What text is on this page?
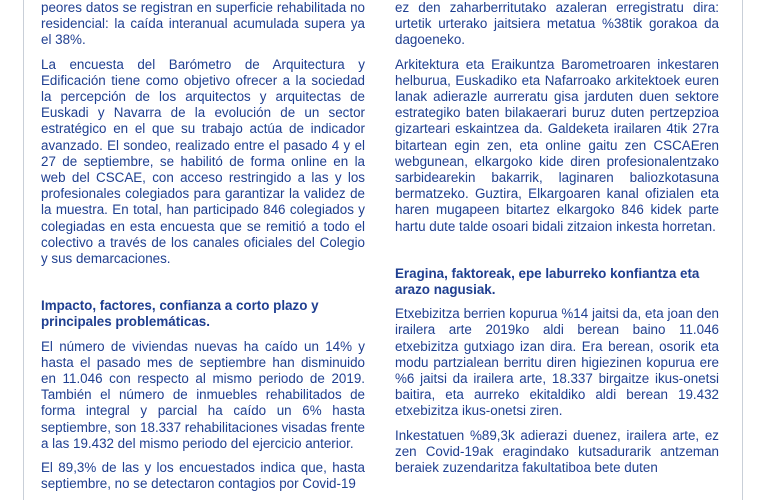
peores datos se registran en superficie rehabilitada no residencial: la caída interanual acumulada supera ya el 38%.

La encuesta del Barómetro de Arquitectura y Edificación tiene como objetivo ofrecer a la sociedad la percepción de los arquitectos y arquitectas de Euskadi y Navarra de la evolución de un sector estratégico en el que su trabajo actúa de indicador avanzado. El sondeo, realizado entre el pasado 4 y el 27 de septiembre, se habilitó de forma online en la web del CSCAE, con acceso restringido a las y los profesionales colegiados para garantizar la validez de la muestra. En total, han participado 846 colegiados y colegiadas en esta encuesta que se remitió a todo el colectivo a través de los canales oficiales del Colegio y sus demarcaciones.

Impacto, factores, confianza a corto plazo y principales problemáticas.

El número de viviendas nuevas ha caído un 14% y hasta el pasado mes de septiembre han disminuido en 11.046 con respecto al mismo periodo de 2019. También el número de inmuebles rehabilitados de forma integral y parcial ha caído un 6% hasta septiembre, son 18.337 rehabilitaciones visadas frente a las 19.432 del mismo periodo del ejercicio anterior.

El 89,3% de las y los encuestados indica que, hasta septiembre, no se detectaron contagios por Covid-19

ez den zaharberritutako azaleran erregistratu dira: urtetik urterako jaitsiera metatua %38tik gorakoa da dagoeneko.

Arkitektura eta Eraikuntza Barometroaren inkestaren helburua, Euskadiko eta Nafarroako arkitektoek euren lanak adierazle aurreratu gisa jarduten duen sektore estrategiko baten bilakaerari buruz duten pertzepzioa gizarteari eskaintzea da. Galdeketa irailaren 4tik 27ra bitartean egin zen, eta online gaitu zen CSCAEren webgunean, elkargoko kide diren profesionalentzako sarbidearekin bakarrik, laginaren baliozkotasuna bermatzeko. Guztira, Elkargoaren kanal ofizialen eta haren mugapeen bitartez elkargoko 846 kidek parte hartu dute talde osoari bidali zitzaion inkesta horretan.

Eragina, faktoreak, epe laburreko konfiantza eta arazo nagusiak.

Etxebizitza berrien kopurua %14 jaitsi da, eta joan den irailera arte 2019ko aldi berean baino 11.046 etxebizitza gutxiago izan dira. Era berean, osorik eta modu partzialean berritu diren higiezinen kopurua ere %6 jaitsi da irailera arte, 18.337 birgaitze ikus-onetsi baitira, eta aurreko ekitaldiko aldi berean 19.432 etxebizitza ikus-onetsi ziren.

Inkestatuen %89,3k adierazi duenez, irailera arte, ez zen Covid-19ak eragindako kutsadurarik antzeman beraiek zuzendaritza fakultatiboa bete duten
